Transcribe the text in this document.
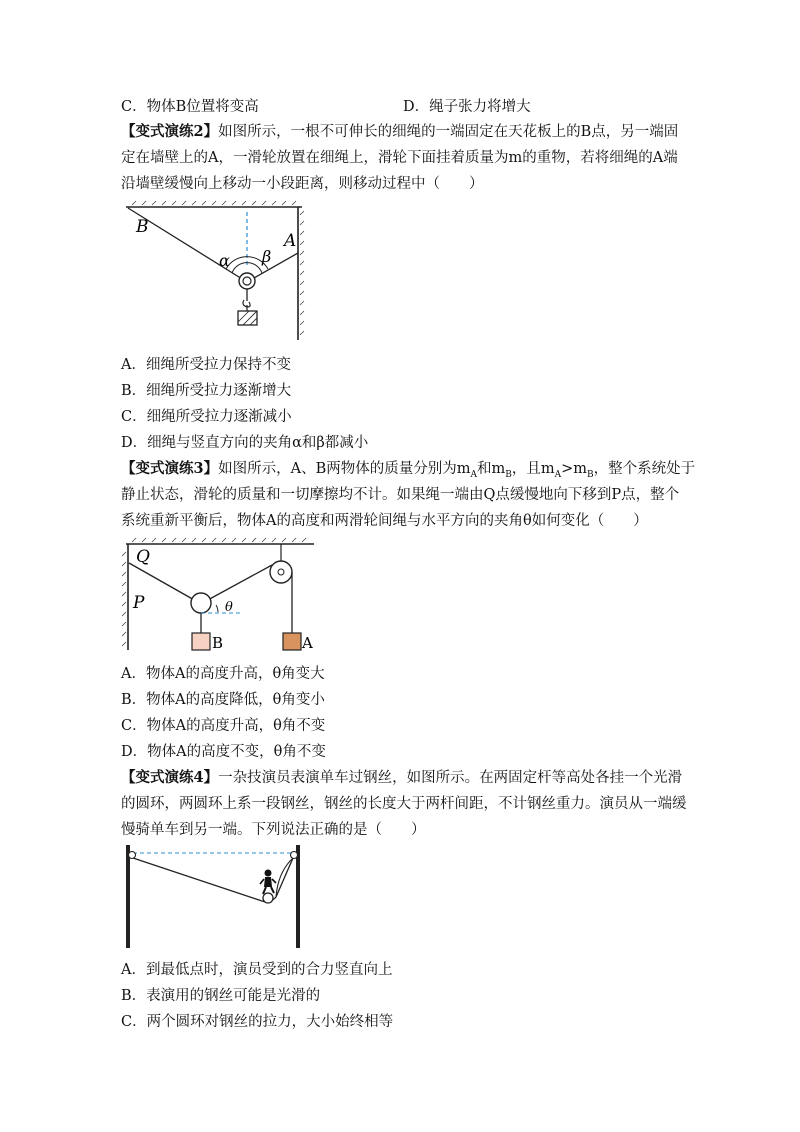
C．物体B位置将变高	D．绳子张力将增大
【变式演练2】如图所示，一根不可伸长的细绳的一端固定在天花板上的B点，另一端固
定在墙壁上的A，一滑轮放置在细绳上，滑轮下面挂着质量为m的重物，若将细绳的A端
沿墙壁缓慢向上移动一小段距离，则移动过程中（　　）
B
A
α β
A．细绳所受拉力保持不变
B．细绳所受拉力逐渐增大
C．细绳所受拉力逐渐减小
D．细绳与竖直方向的夹角α和β都减小
【变式演练3】如图所示，A、B两物体的质量分别为$m_A$和$m_B$，且$m_A>m_B$，整个系统处于
静止状态，滑轮的质量和一切摩擦均不计。如果绳一端由Q点缓慢地向下移到P点，整个
系统重新平衡后，物体A的高度和两滑轮间绳与水平方向的夹角θ如何变化（　　）
Q
P	θ
B	A
A．物体A的高度升高，θ角变大
B．物体A的高度降低，θ角变小
C．物体A的高度升高，θ角不变
D．物体A的高度不变，θ角不变
【变式演练4】一杂技演员表演单车过钢丝，如图所示。在两固定杆等高处各挂一个光滑
的圆环，两圆环上系一段钢丝，钢丝的长度大于两杆间距，不计钢丝重力。演员从一端缓
慢骑单车到另一端。下列说法正确的是（　　）
A．到最低点时，演员受到的合力竖直向上
B．表演用的钢丝可能是光滑的
C．两个圆环对钢丝的拉力，大小始终相等
